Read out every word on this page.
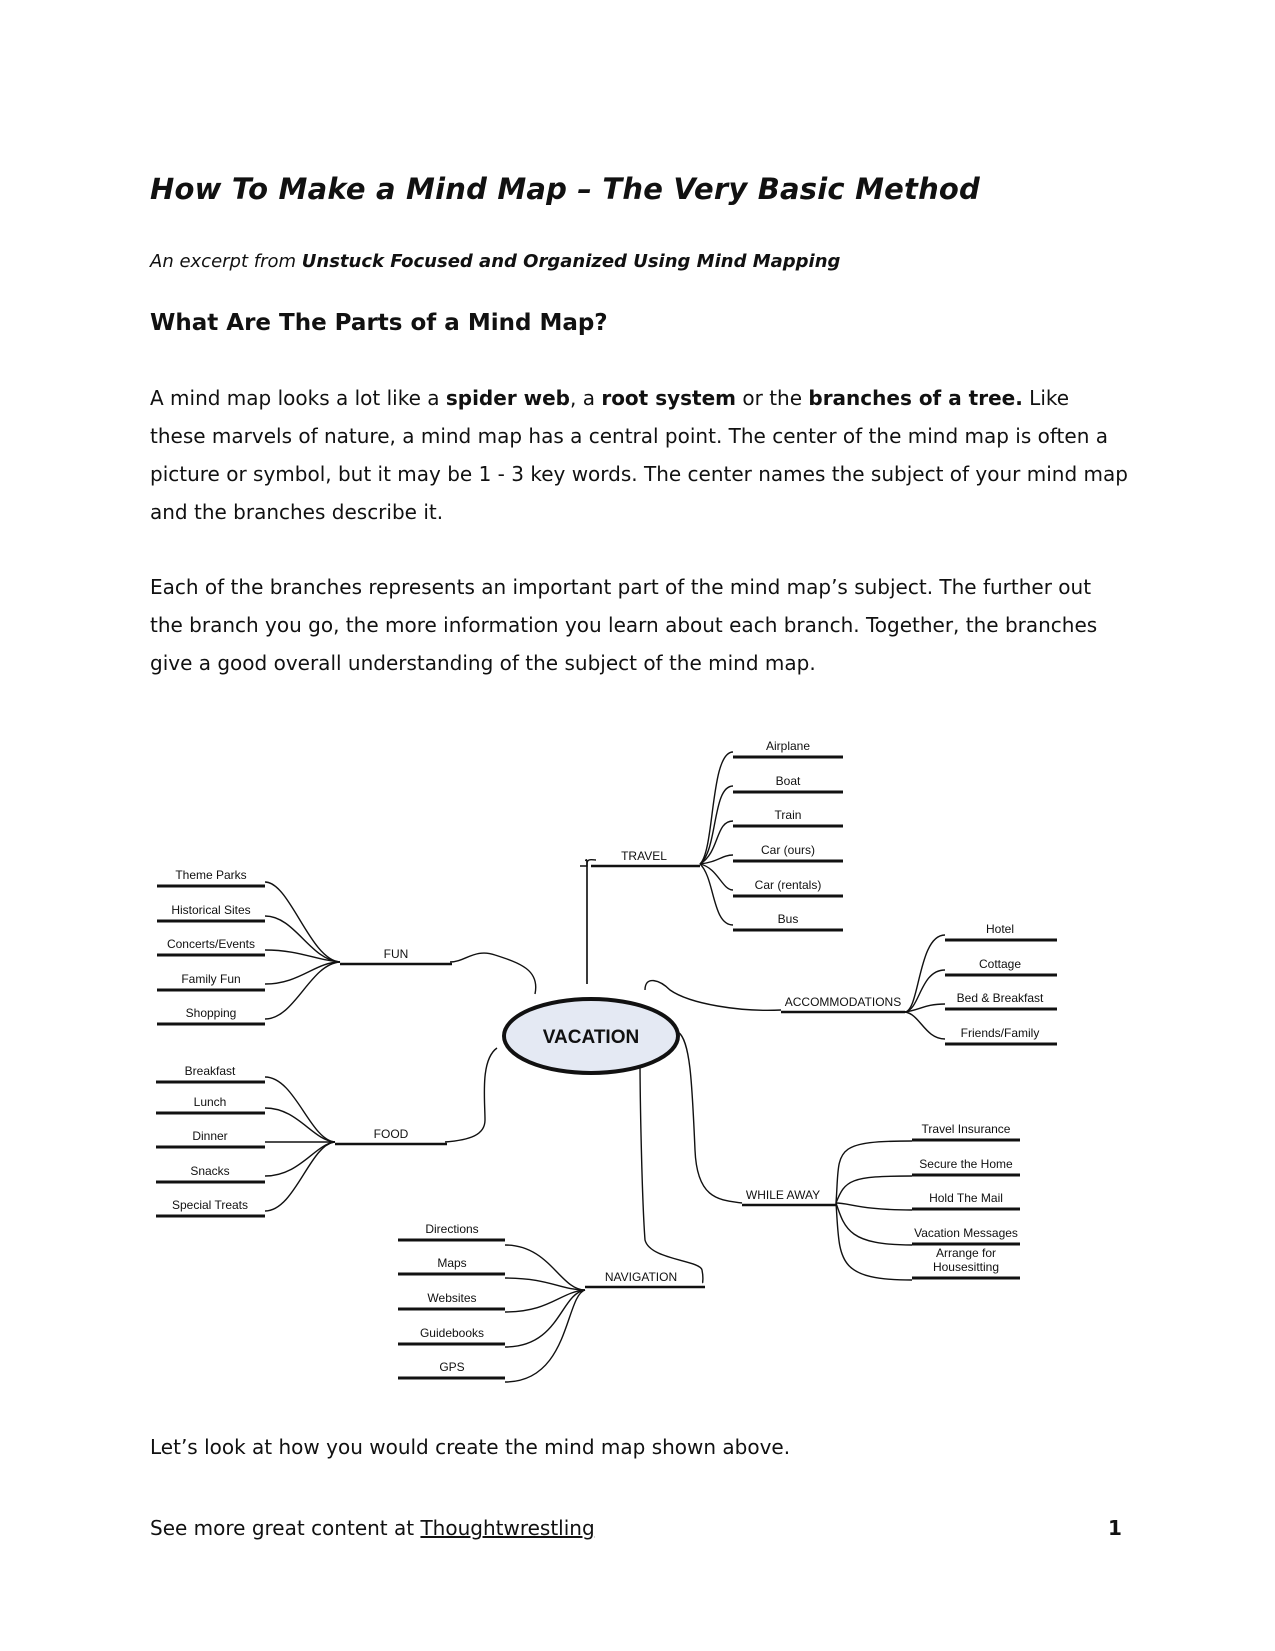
How To Make a Mind Map – The Very Basic Method

An excerpt from Unstuck Focused and Organized Using Mind Mapping

What Are The Parts of a Mind Map?

A mind map looks a lot like a spider web, a root system or the branches of a tree. Like these marvels of nature, a mind map has a central point. The center of the mind map is often a picture or symbol, but it may be 1 - 3 key words. The center names the subject of your mind map and the branches describe it.

Each of the branches represents an important part of the mind map’s subject. The further out the branch you go, the more information you learn about each branch. Together, the branches give a good overall understanding of the subject of the mind map.

VACATION
TRAVEL
FUN
ACCOMMODATIONS
FOOD
WHILE AWAY
NAVIGATION
Airplane
Boat
Train
Car (ours)
Car (rentals)
Bus
Theme Parks
Historical Sites
Concerts/Events
Family Fun
Shopping
Hotel
Cottage
Bed & Breakfast
Friends/Family
Breakfast
Lunch
Dinner
Snacks
Special Treats
Travel Insurance
Secure the Home
Hold The Mail
Vacation Messages
Arrange for
Housesitting
Directions
Maps
Websites
Guidebooks
GPS

Let’s look at how you would create the mind map shown above.

See more great content at Thoughtwrestling	1
